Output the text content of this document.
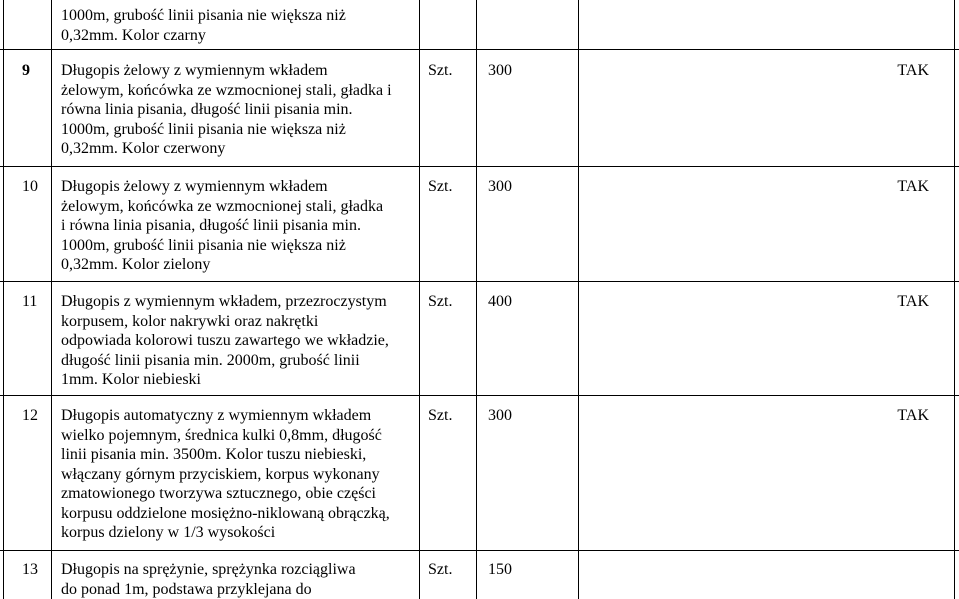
1000m, grubość linii pisania nie większa niż
0,32mm. Kolor czarny
9 Długopis żelowy z wymiennym wkładem
żelowym, końcówka ze wzmocnionej stali, gładka i
równa linia pisania, długość linii pisania min.
1000m, grubość linii pisania nie większa niż
0,32mm. Kolor czerwony
Szt. 300	TAK
10 Długopis żelowy z wymiennym wkładem
żelowym, końcówka ze wzmocnionej stali, gładka
i równa linia pisania, długość linii pisania min.
1000m, grubość linii pisania nie większa niż
0,32mm. Kolor zielony
Szt. 300	TAK
11 Długopis z wymiennym wkładem, przezroczystym
korpusem, kolor nakrywki oraz nakrętki
odpowiada kolorowi tuszu zawartego we wkładzie,
długość linii pisania min. 2000m, grubość linii
1mm. Kolor niebieski
Szt. 400	TAK
12 Długopis automatyczny z wymiennym wkładem
wielko pojemnym, średnica kulki 0,8mm, długość
linii pisania min. 3500m. Kolor tuszu niebieski,
włączany górnym przyciskiem, korpus wykonany
zmatowionego tworzywa sztucznego, obie części
korpusu oddzielone mosiężno-niklowaną obrączką,
korpus dzielony w 1/3 wysokości
Szt. 300	TAK
13 Długopis na sprężynie, sprężynka rozciągliwa
do ponad 1m, podstawa przyklejana do
Szt. 150
